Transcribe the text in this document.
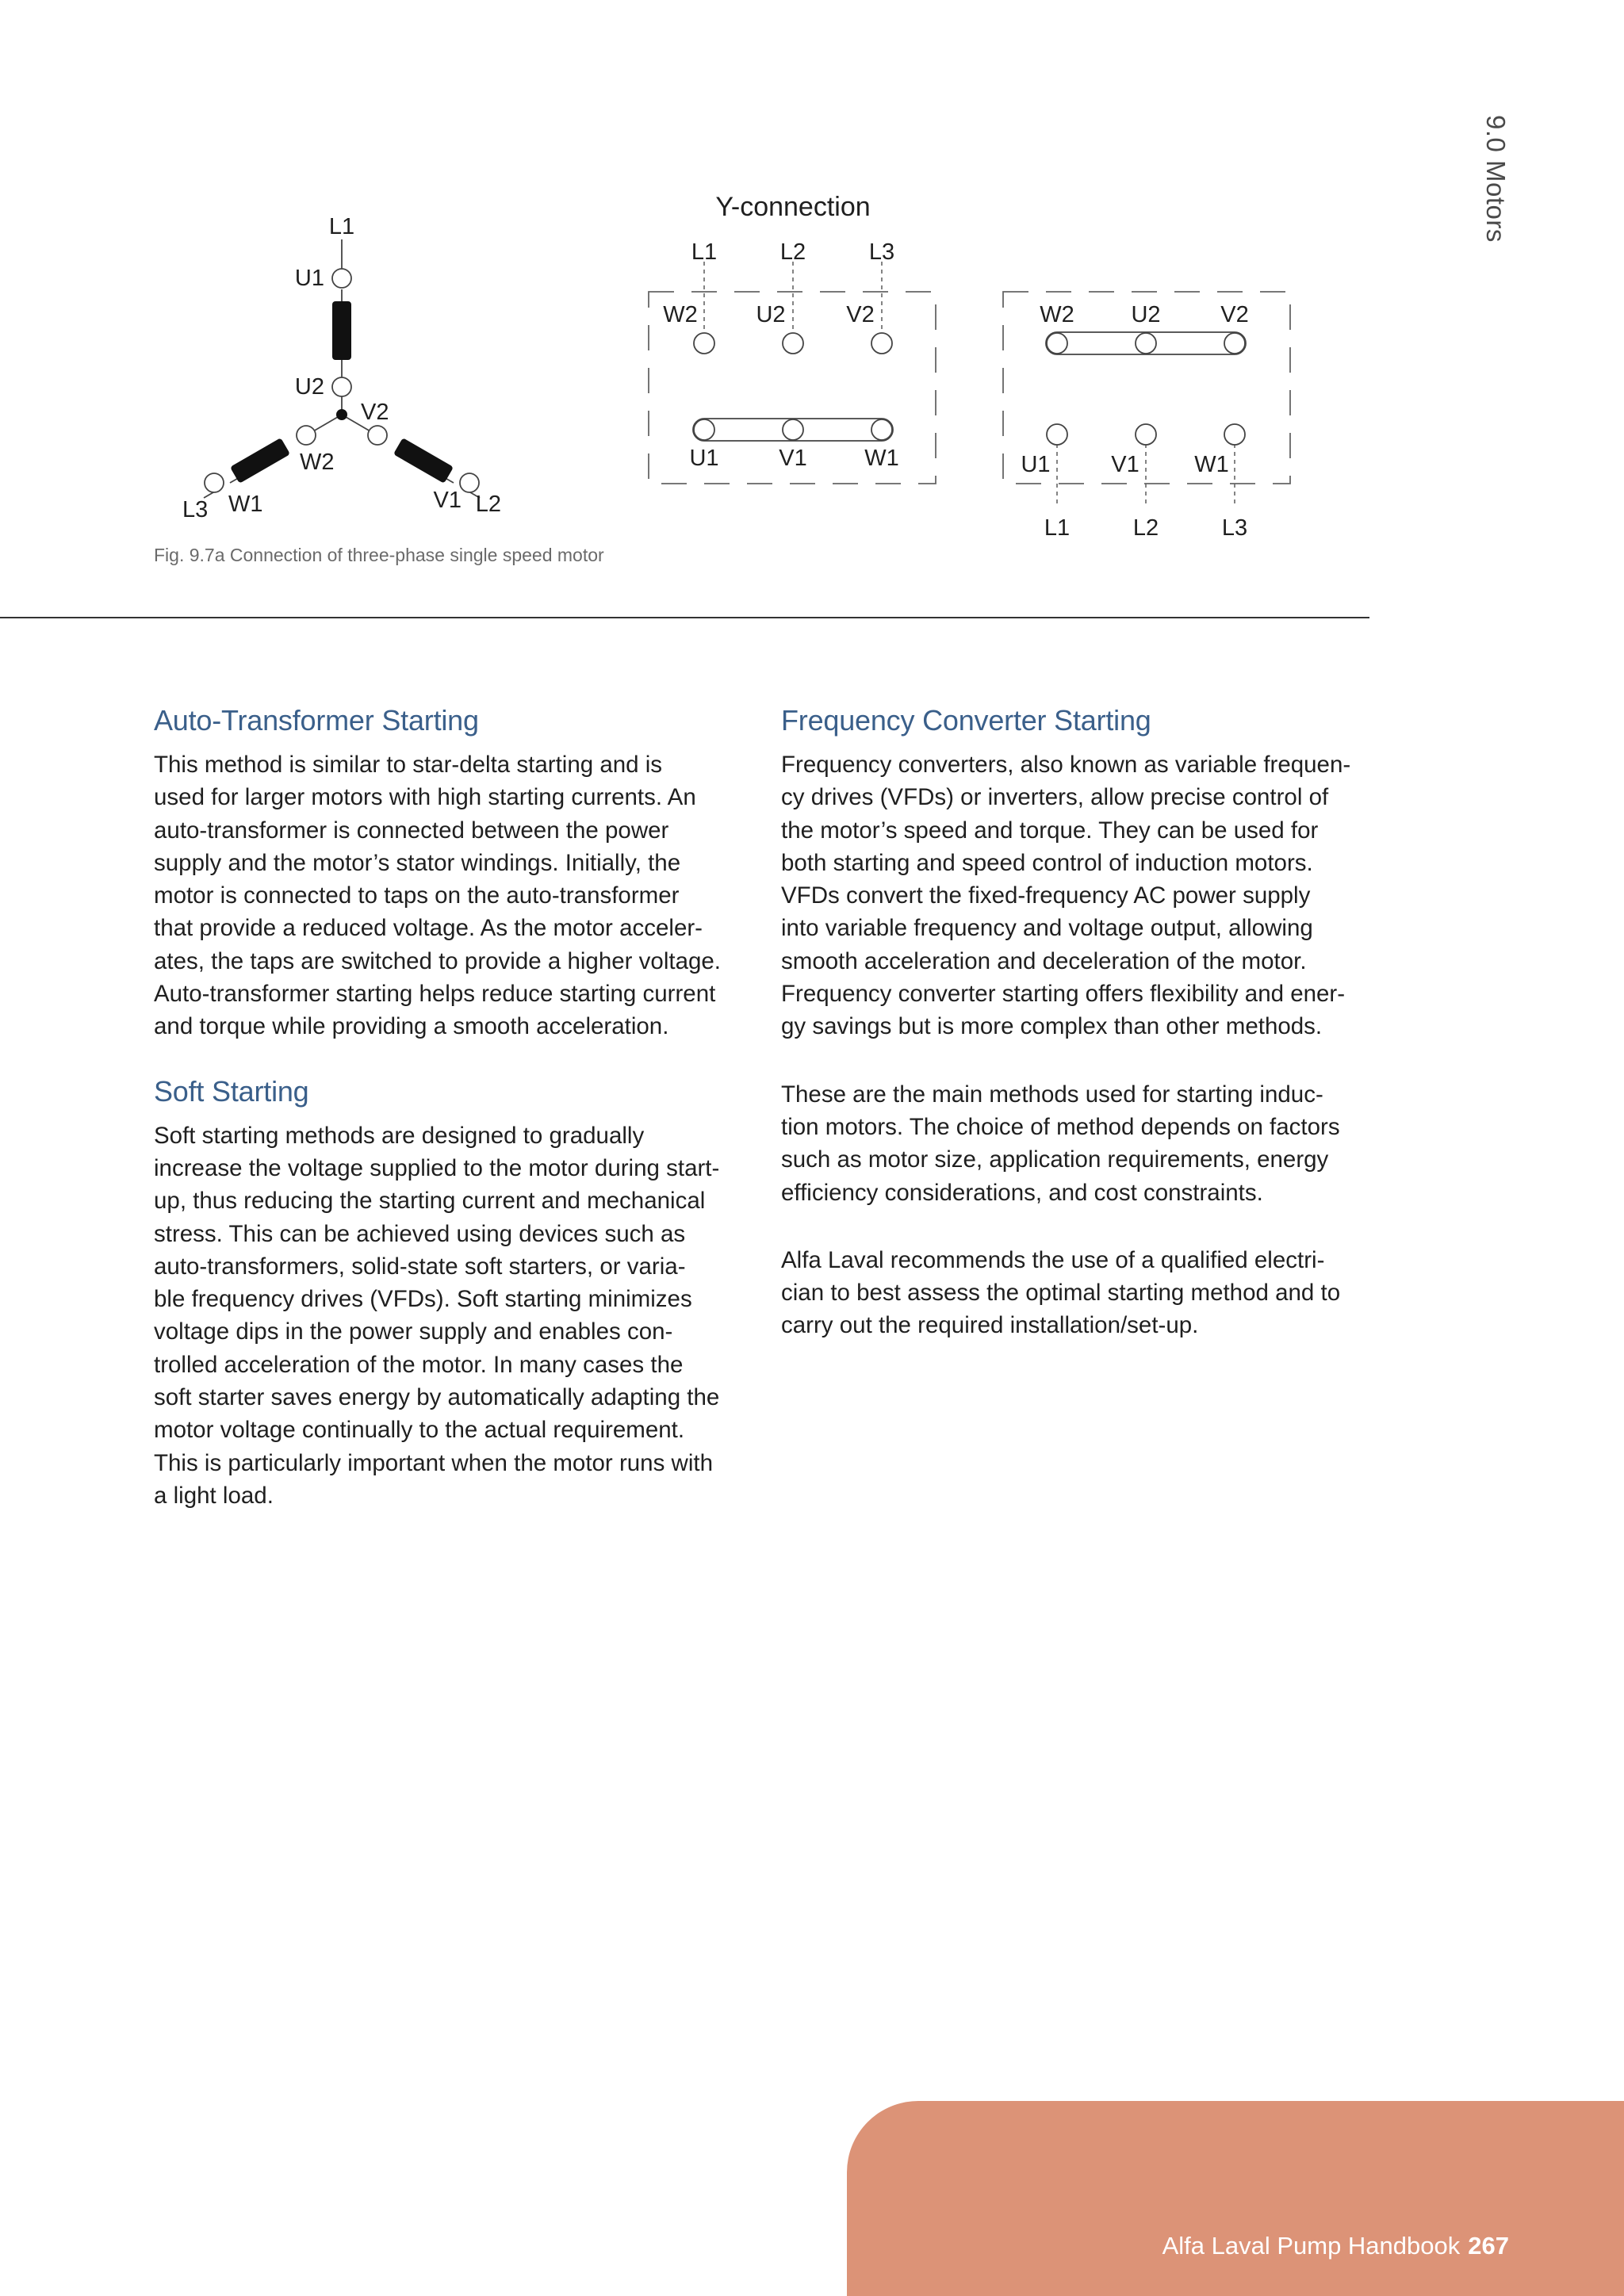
9.0 Motors
L1
U1
U2
V2
W2
W1	V1
L3	L2
Y-connection
L1	L2	L3
W2	U2	V2
U1	V1	W1
W2 U2	V2
U1	V1 W1
L1	L2	L3
Fig. 9.7a Connection of three-phase single speed motor
Auto-Transformer Starting

This method is similar to star-delta starting and is
used for larger motors with high starting currents. An
auto-transformer is connected between the power
supply and the motor’s stator windings. Initially, the
motor is connected to taps on the auto-transformer
that provide a reduced voltage. As the motor acceler-
ates, the taps are switched to provide a higher voltage.
Auto-transformer starting helps reduce starting current
and torque while providing a smooth acceleration.

Soft Starting

Soft starting methods are designed to gradually
increase the voltage supplied to the motor during start-
up, thus reducing the starting current and mechanical
stress. This can be achieved using devices such as
auto-transformers, solid-state soft starters, or varia-
ble frequency drives (VFDs). Soft starting minimizes
voltage dips in the power supply and enables con-
trolled acceleration of the motor. In many cases the
soft starter saves energy by automatically adapting the
motor voltage continually to the actual requirement.
This is particularly important when the motor runs with
a light load.

Frequency Converter Starting

Frequency converters, also known as variable frequen-
cy drives (VFDs) or inverters, allow precise control of
the motor’s speed and torque. They can be used for
both starting and speed control of induction motors.
VFDs convert the fixed-frequency AC power supply
into variable frequency and voltage output, allowing
smooth acceleration and deceleration of the motor.
Frequency converter starting offers flexibility and ener-
gy savings but is more complex than other methods.

These are the main methods used for starting induc-
tion motors. The choice of method depends on factors
such as motor size, application requirements, energy
efficiency considerations, and cost constraints.

Alfa Laval recommends the use of a qualified electri-
cian to best assess the optimal starting method and to
carry out the required installation/set-up.

Alfa Laval Pump Handbook 267
